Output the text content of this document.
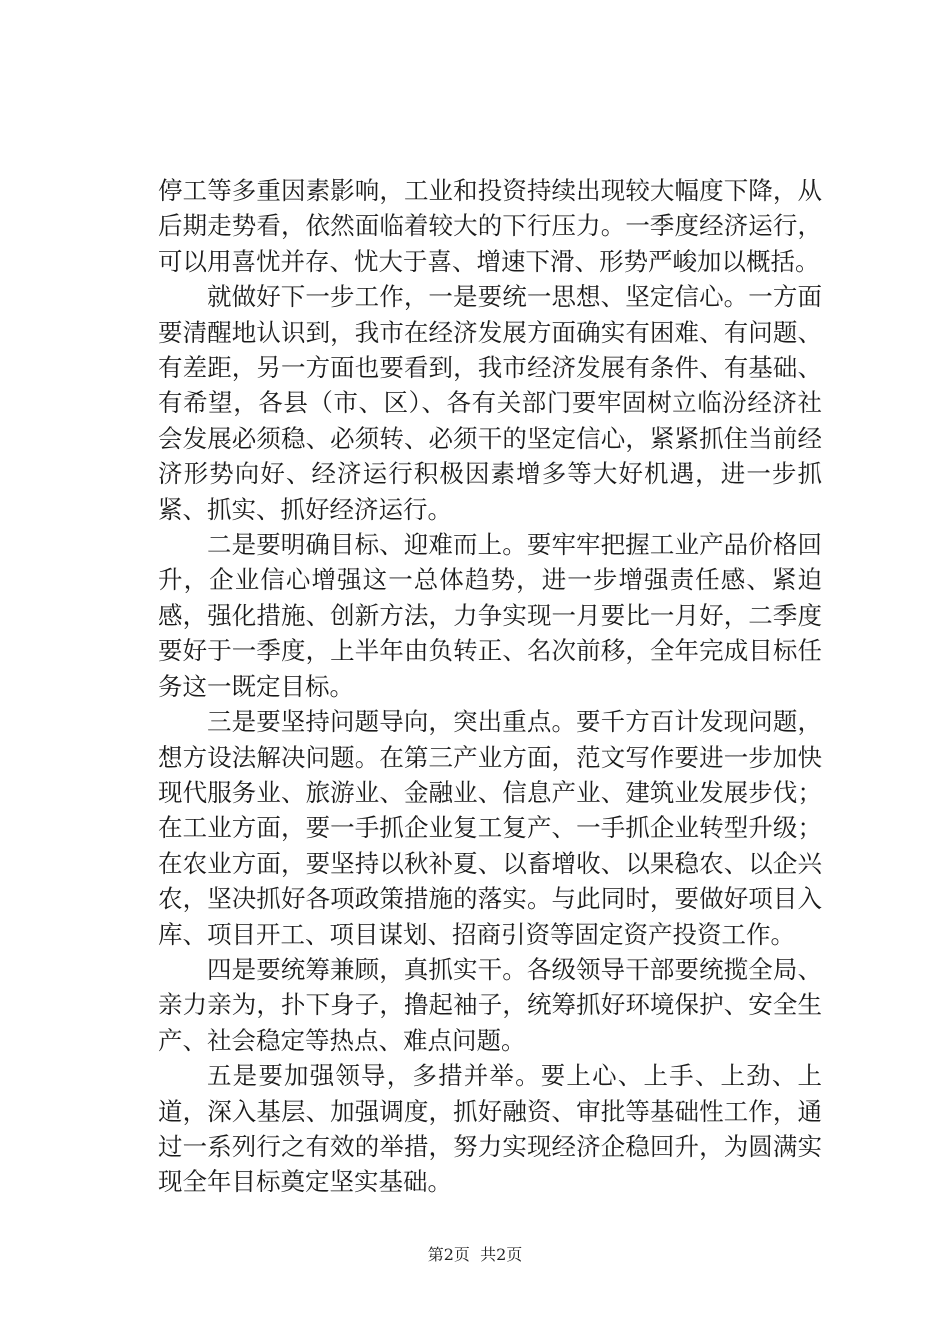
停工等多重因素影响，工业和投资持续出现较大幅度下降，从后期走势看，依然面临着较大的下行压力。一季度经济运行，可以用喜忧并存、忧大于喜、增速下滑、形势严峻加以概括。

就做好下一步工作，一是要统一思想、坚定信心。一方面要清醒地认识到，我市在经济发展方面确实有困难、有问题、有差距，另一方面也要看到，我市经济发展有条件、有基础、有希望，各县（市、区）、各有关部门要牢固树立临汾经济社会发展必须稳、必须转、必须干的坚定信心，紧紧抓住当前经济形势向好、经济运行积极因素增多等大好机遇，进一步抓紧、抓实、抓好经济运行。

二是要明确目标、迎难而上。要牢牢把握工业产品价格回升，企业信心增强这一总体趋势，进一步增强责任感、紧迫感，强化措施、创新方法，力争实现一月要比一月好，二季度要好于一季度，上半年由负转正、名次前移，全年完成目标任务这一既定目标。

三是要坚持问题导向，突出重点。要千方百计发现问题，想方设法解决问题。在第三产业方面，范文写作要进一步加快现代服务业、旅游业、金融业、信息产业、建筑业发展步伐；在工业方面，要一手抓企业复工复产、一手抓企业转型升级；在农业方面，要坚持以秋补夏、以畜增收、以果稳农、以企兴农，坚决抓好各项政策措施的落实。与此同时，要做好项目入库、项目开工、项目谋划、招商引资等固定资产投资工作。

四是要统筹兼顾，真抓实干。各级领导干部要统揽全局、亲力亲为，扑下身子，撸起袖子，统筹抓好环境保护、安全生产、社会稳定等热点、难点问题。

五是要加强领导，多措并举。要上心、上手、上劲、上道，深入基层、加强调度，抓好融资、审批等基础性工作，通过一系列行之有效的举措，努力实现经济企稳回升，为圆满实现全年目标奠定坚实基础。

第2页  共2页
